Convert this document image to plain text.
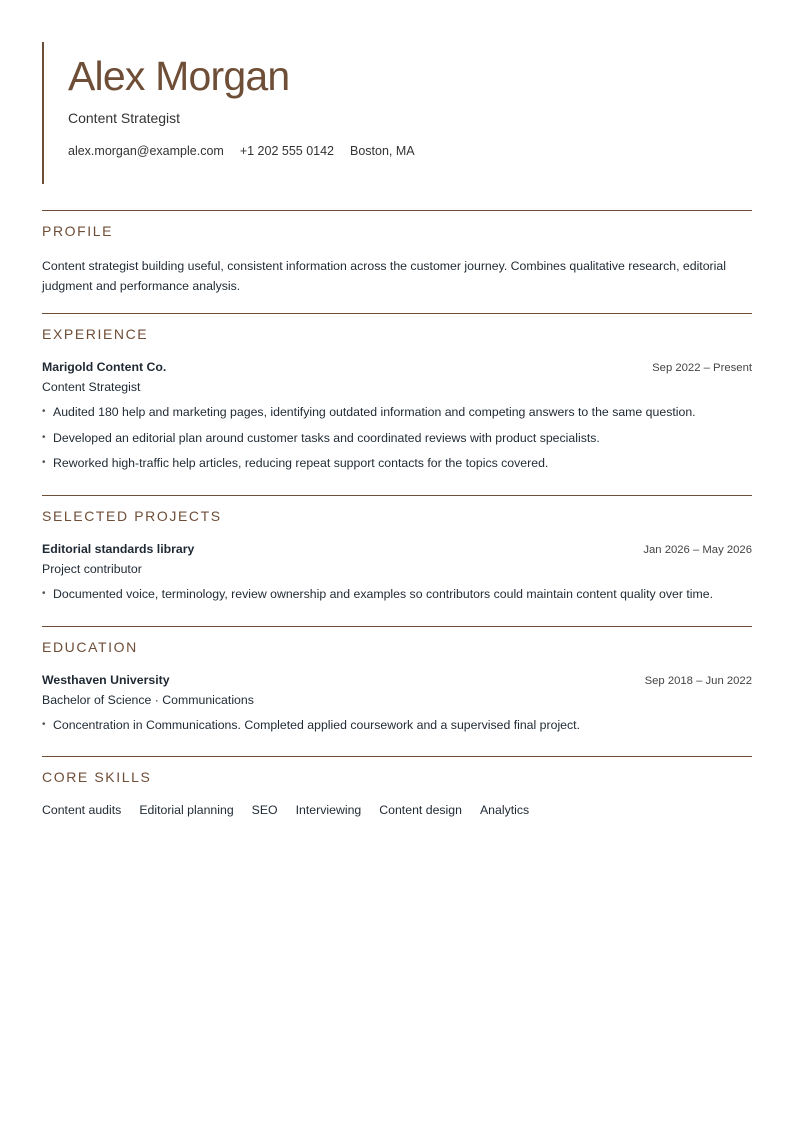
Alex Morgan
Content Strategist
alex.morgan@example.com +1 202 555 0142 Boston, MA
PROFILE

Content strategist building useful, consistent information across the customer journey. Combines qualitative research, editorial judgment and performance analysis.

EXPERIENCE
Marigold Content Co.	Sep 2022 – Present
Content Strategist
• Audited 180 help and marketing pages, identifying outdated information and competing answers to the same question.
• Developed an editorial plan around customer tasks and coordinated reviews with product specialists.
• Reworked high-traffic help articles, reducing repeat support contacts for the topics covered.
SELECTED PROJECTS
Editorial standards library	Jan 2026 – May 2026
Project contributor
• Documented voice, terminology, review ownership and examples so contributors could maintain content quality over time.
EDUCATION
Westhaven University	Sep 2018 – Jun 2022
Bachelor of Science · Communications
• Concentration in Communications. Completed applied coursework and a supervised final project.
CORE SKILLS
Content audits Editorial planning SEO Interviewing Content design Analytics
